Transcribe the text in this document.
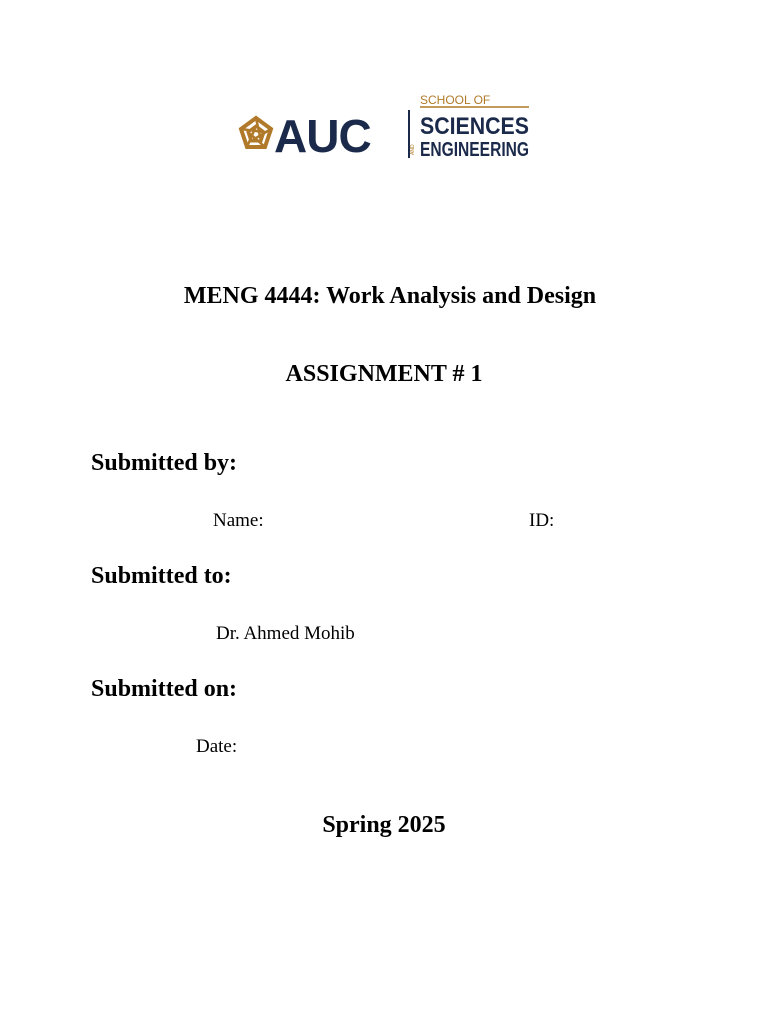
AUC
SCHOOL OF
SCIENCES
AND ENGINEERING
MENG 4444: Work Analysis and Design
ASSIGNMENT # 1
Submitted by:
Name:	ID:
Submitted to:
Dr. Ahmed Mohib
Submitted on:
Date:
Spring 2025
